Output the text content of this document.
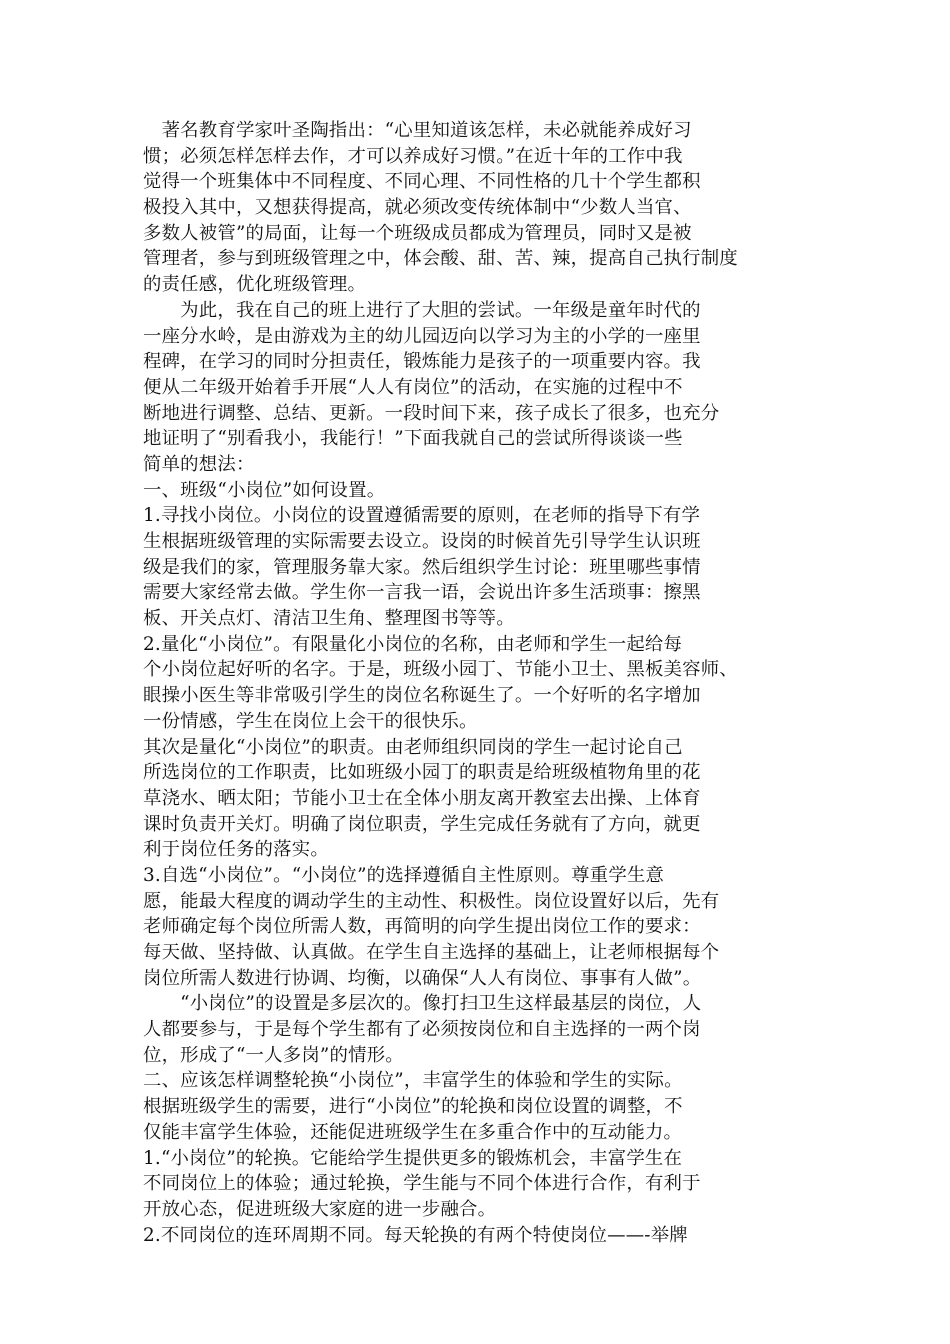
　著名教育学家叶圣陶指出：“心里知道该怎样，未必就能养成好习
惯；必须怎样怎样去作，才可以养成好习惯。”在近十年的工作中我
觉得一个班集体中不同程度、不同心理、不同性格的几十个学生都积
极投入其中，又想获得提高，就必须改变传统体制中“少数人当官、
多数人被管”的局面，让每一个班级成员都成为管理员，同时又是被
管理者，参与到班级管理之中，体会酸、甜、苦、辣，提高自己执行制度
的责任感，优化班级管理。
　　为此，我在自己的班上进行了大胆的尝试。一年级是童年时代的
一座分水岭，是由游戏为主的幼儿园迈向以学习为主的小学的一座里
程碑，在学习的同时分担责任，锻炼能力是孩子的一项重要内容。我
便从二年级开始着手开展“人人有岗位”的活动，在实施的过程中不
断地进行调整、总结、更新。一段时间下来，孩子成长了很多，也充分
地证明了“别看我小，我能行！”下面我就自己的尝试所得谈谈一些
简单的想法：
一、班级“小岗位”如何设置。
1.寻找小岗位。小岗位的设置遵循需要的原则，在老师的指导下有学
生根据班级管理的实际需要去设立。设岗的时候首先引导学生认识班
级是我们的家，管理服务靠大家。然后组织学生讨论：班里哪些事情
需要大家经常去做。学生你一言我一语，会说出许多生活琐事：擦黑
板、开关点灯、清洁卫生角、整理图书等等。
2.量化“小岗位”。有限量化小岗位的名称，由老师和学生一起给每
个小岗位起好听的名字。于是，班级小园丁、节能小卫士、黑板美容师、
眼操小医生等非常吸引学生的岗位名称诞生了。一个好听的名字增加
一份情感，学生在岗位上会干的很快乐。
其次是量化“小岗位”的职责。由老师组织同岗的学生一起讨论自己
所选岗位的工作职责，比如班级小园丁的职责是给班级植物角里的花
草浇水、晒太阳；节能小卫士在全体小朋友离开教室去出操、上体育
课时负责开关灯。明确了岗位职责，学生完成任务就有了方向，就更
利于岗位任务的落实。
3.自选“小岗位”。“小岗位”的选择遵循自主性原则。尊重学生意
愿，能最大程度的调动学生的主动性、积极性。岗位设置好以后，先有
老师确定每个岗位所需人数，再简明的向学生提出岗位工作的要求：
每天做、坚持做、认真做。在学生自主选择的基础上，让老师根据每个
岗位所需人数进行协调、均衡，以确保“人人有岗位、事事有人做”。
　　“小岗位”的设置是多层次的。像打扫卫生这样最基层的岗位，人
人都要参与，于是每个学生都有了必须按岗位和自主选择的一两个岗
位，形成了“一人多岗”的情形。
二、应该怎样调整轮换“小岗位”，丰富学生的体验和学生的实际。
根据班级学生的需要，进行“小岗位”的轮换和岗位设置的调整，不
仅能丰富学生体验，还能促进班级学生在多重合作中的互动能力。
1.“小岗位”的轮换。它能给学生提供更多的锻炼机会，丰富学生在
不同岗位上的体验；通过轮换，学生能与不同个体进行合作，有利于
开放心态，促进班级大家庭的进一步融合。
2.不同岗位的连环周期不同。每天轮换的有两个特使岗位——-举牌
